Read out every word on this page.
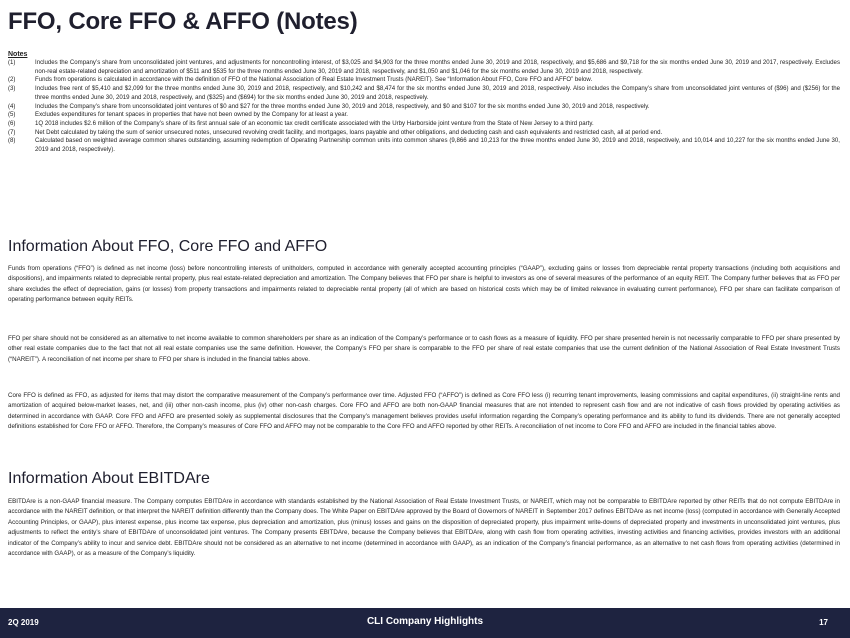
FFO, Core FFO & AFFO (Notes)
Notes
(1)	Includes the Company’s share from unconsolidated joint ventures, and adjustments for noncontrolling interest, of $3,025 and $4,903 for the three months ended June 30, 2019 and 2018, respectively, and $5,686 and $9,718 for the six months ended June 30, 2019 and 2017, respectively. Excludes non-real estate-related depreciation and amortization of $511 and $535 for the three months ended June 30, 2019 and 2018, respectively, and $1,050 and $1,046 for the six months ended June 30, 2019 and 2018, respectively.
(2)	Funds from operations is calculated in accordance with the definition of FFO of the National Association of Real Estate Investment Trusts (NAREIT). See “Information About FFO, Core FFO and AFFO” below.
(3)	Includes free rent of $5,410 and $2,099 for the three months ended June 30, 2019 and 2018, respectively, and $10,242 and $8,474 for the six months ended June 30, 2019 and 2018, respectively. Also includes the Company’s share from unconsolidated joint ventures of ($96) and ($256) for the three months ended June 30, 2019 and 2018, respectively, and ($325) and ($694) for the six months ended June 30, 2019 and 2018, respectively.
(4)	Includes the Company’s share from unconsolidated joint ventures of $0 and $27 for the three months ended June 30, 2019 and 2018, respectively, and $0 and $107 for the six months ended June 30, 2019 and 2018, respectively.
(5)	Excludes expenditures for tenant spaces in properties that have not been owned by the Company for at least a year.
(6)	1Q 2018 includes $2.6 million of the Company’s share of its first annual sale of an economic tax credit certificate associated with the Urby Harborside joint venture from the State of New Jersey to a third party.
(7)	Net Debt calculated by taking the sum of senior unsecured notes, unsecured revolving credit facility, and mortgages, loans payable and other obligations, and deducting cash and cash equivalents and restricted cash, all at period end.
(8)	Calculated based on weighted average common shares outstanding, assuming redemption of Operating Partnership common units into common shares (9,866 and 10,213 for the three months ended June 30, 2019 and 2018, respectively, and 10,014 and 10,227 for the six months ended June 30, 2019 and 2018, respectively).
Information About FFO, Core FFO and AFFO

Funds from operations (“FFO”) is defined as net income (loss) before noncontrolling interests of unitholders, computed in accordance with generally accepted accounting principles (“GAAP”), excluding gains or losses from depreciable rental property transactions (including both acquisitions and dispositions), and impairments related to depreciable rental property, plus real estate-related depreciation and amortization. The Company believes that FFO per share is helpful to investors as one of several measures of the performance of an equity REIT. The Company further believes that as FFO per share excludes the effect of depreciation, gains (or losses) from property transactions and impairments related to depreciable rental property (all of which are based on historical costs which may be of limited relevance in evaluating current performance), FFO per share can facilitate comparison of operating performance between equity REITs.

FFO per share should not be considered as an alternative to net income available to common shareholders per share as an indication of the Company’s performance or to cash flows as a measure of liquidity. FFO per share presented herein is not necessarily comparable to FFO per share presented by other real estate companies due to the fact that not all real estate companies use the same definition. However, the Company’s FFO per share is comparable to the FFO per share of real estate companies that use the current definition of the National Association of Real Estate Investment Trusts (“NAREIT”). A reconciliation of net income per share to FFO per share is included in the financial tables above.

Core FFO is defined as FFO, as adjusted for items that may distort the comparative measurement of the Company’s performance over time. Adjusted FFO (“AFFO”) is defined as Core FFO less (i) recurring tenant improvements, leasing commissions and capital expenditures, (ii) straight-line rents and amortization of acquired below-market leases, net, and (iii) other non-cash income, plus (iv) other non-cash charges. Core FFO and AFFO are both non-GAAP financial measures that are not intended to represent cash flow and are not indicative of cash flows provided by operating activities as determined in accordance with GAAP. Core FFO and AFFO are presented solely as supplemental disclosures that the Company’s management believes provides useful information regarding the Company’s operating performance and its ability to fund its dividends. There are not generally accepted definitions established for Core FFO or AFFO. Therefore, the Company’s measures of Core FFO and AFFO may not be comparable to the Core FFO and AFFO reported by other REITs. A reconciliation of net income to Core FFO and AFFO are included in the financial tables above.

Information About EBITDAre

EBITDAre is a non-GAAP financial measure. The Company computes EBITDAre in accordance with standards established by the National Association of Real Estate Investment Trusts, or NAREIT, which may not be comparable to EBITDAre reported by other REITs that do not compute EBITDAre in accordance with the NAREIT definition, or that interpret the NAREIT definition differently than the Company does. The White Paper on EBITDAre approved by the Board of Governors of NAREIT in September 2017 defines EBITDAre as net income (loss) (computed in accordance with Generally Accepted Accounting Principles, or GAAP), plus interest expense, plus income tax expense, plus depreciation and amortization, plus (minus) losses and gains on the disposition of depreciated property, plus impairment write-downs of depreciated property and investments in unconsolidated joint ventures, plus adjustments to reflect the entity’s share of EBITDAre of unconsolidated joint ventures. The Company presents EBITDAre, because the Company believes that EBITDAre, along with cash flow from operating activities, investing activities and financing activities, provides investors with an additional indicator of the Company’s ability to incur and service debt. EBITDAre should not be considered as an alternative to net income (determined in accordance with GAAP), as an indication of the Company’s financial performance, as an alternative to net cash flows from operating activities (determined in accordance with GAAP), or as a measure of the Company’s liquidity.

2Q 2019	CLI Company Highlights	17
